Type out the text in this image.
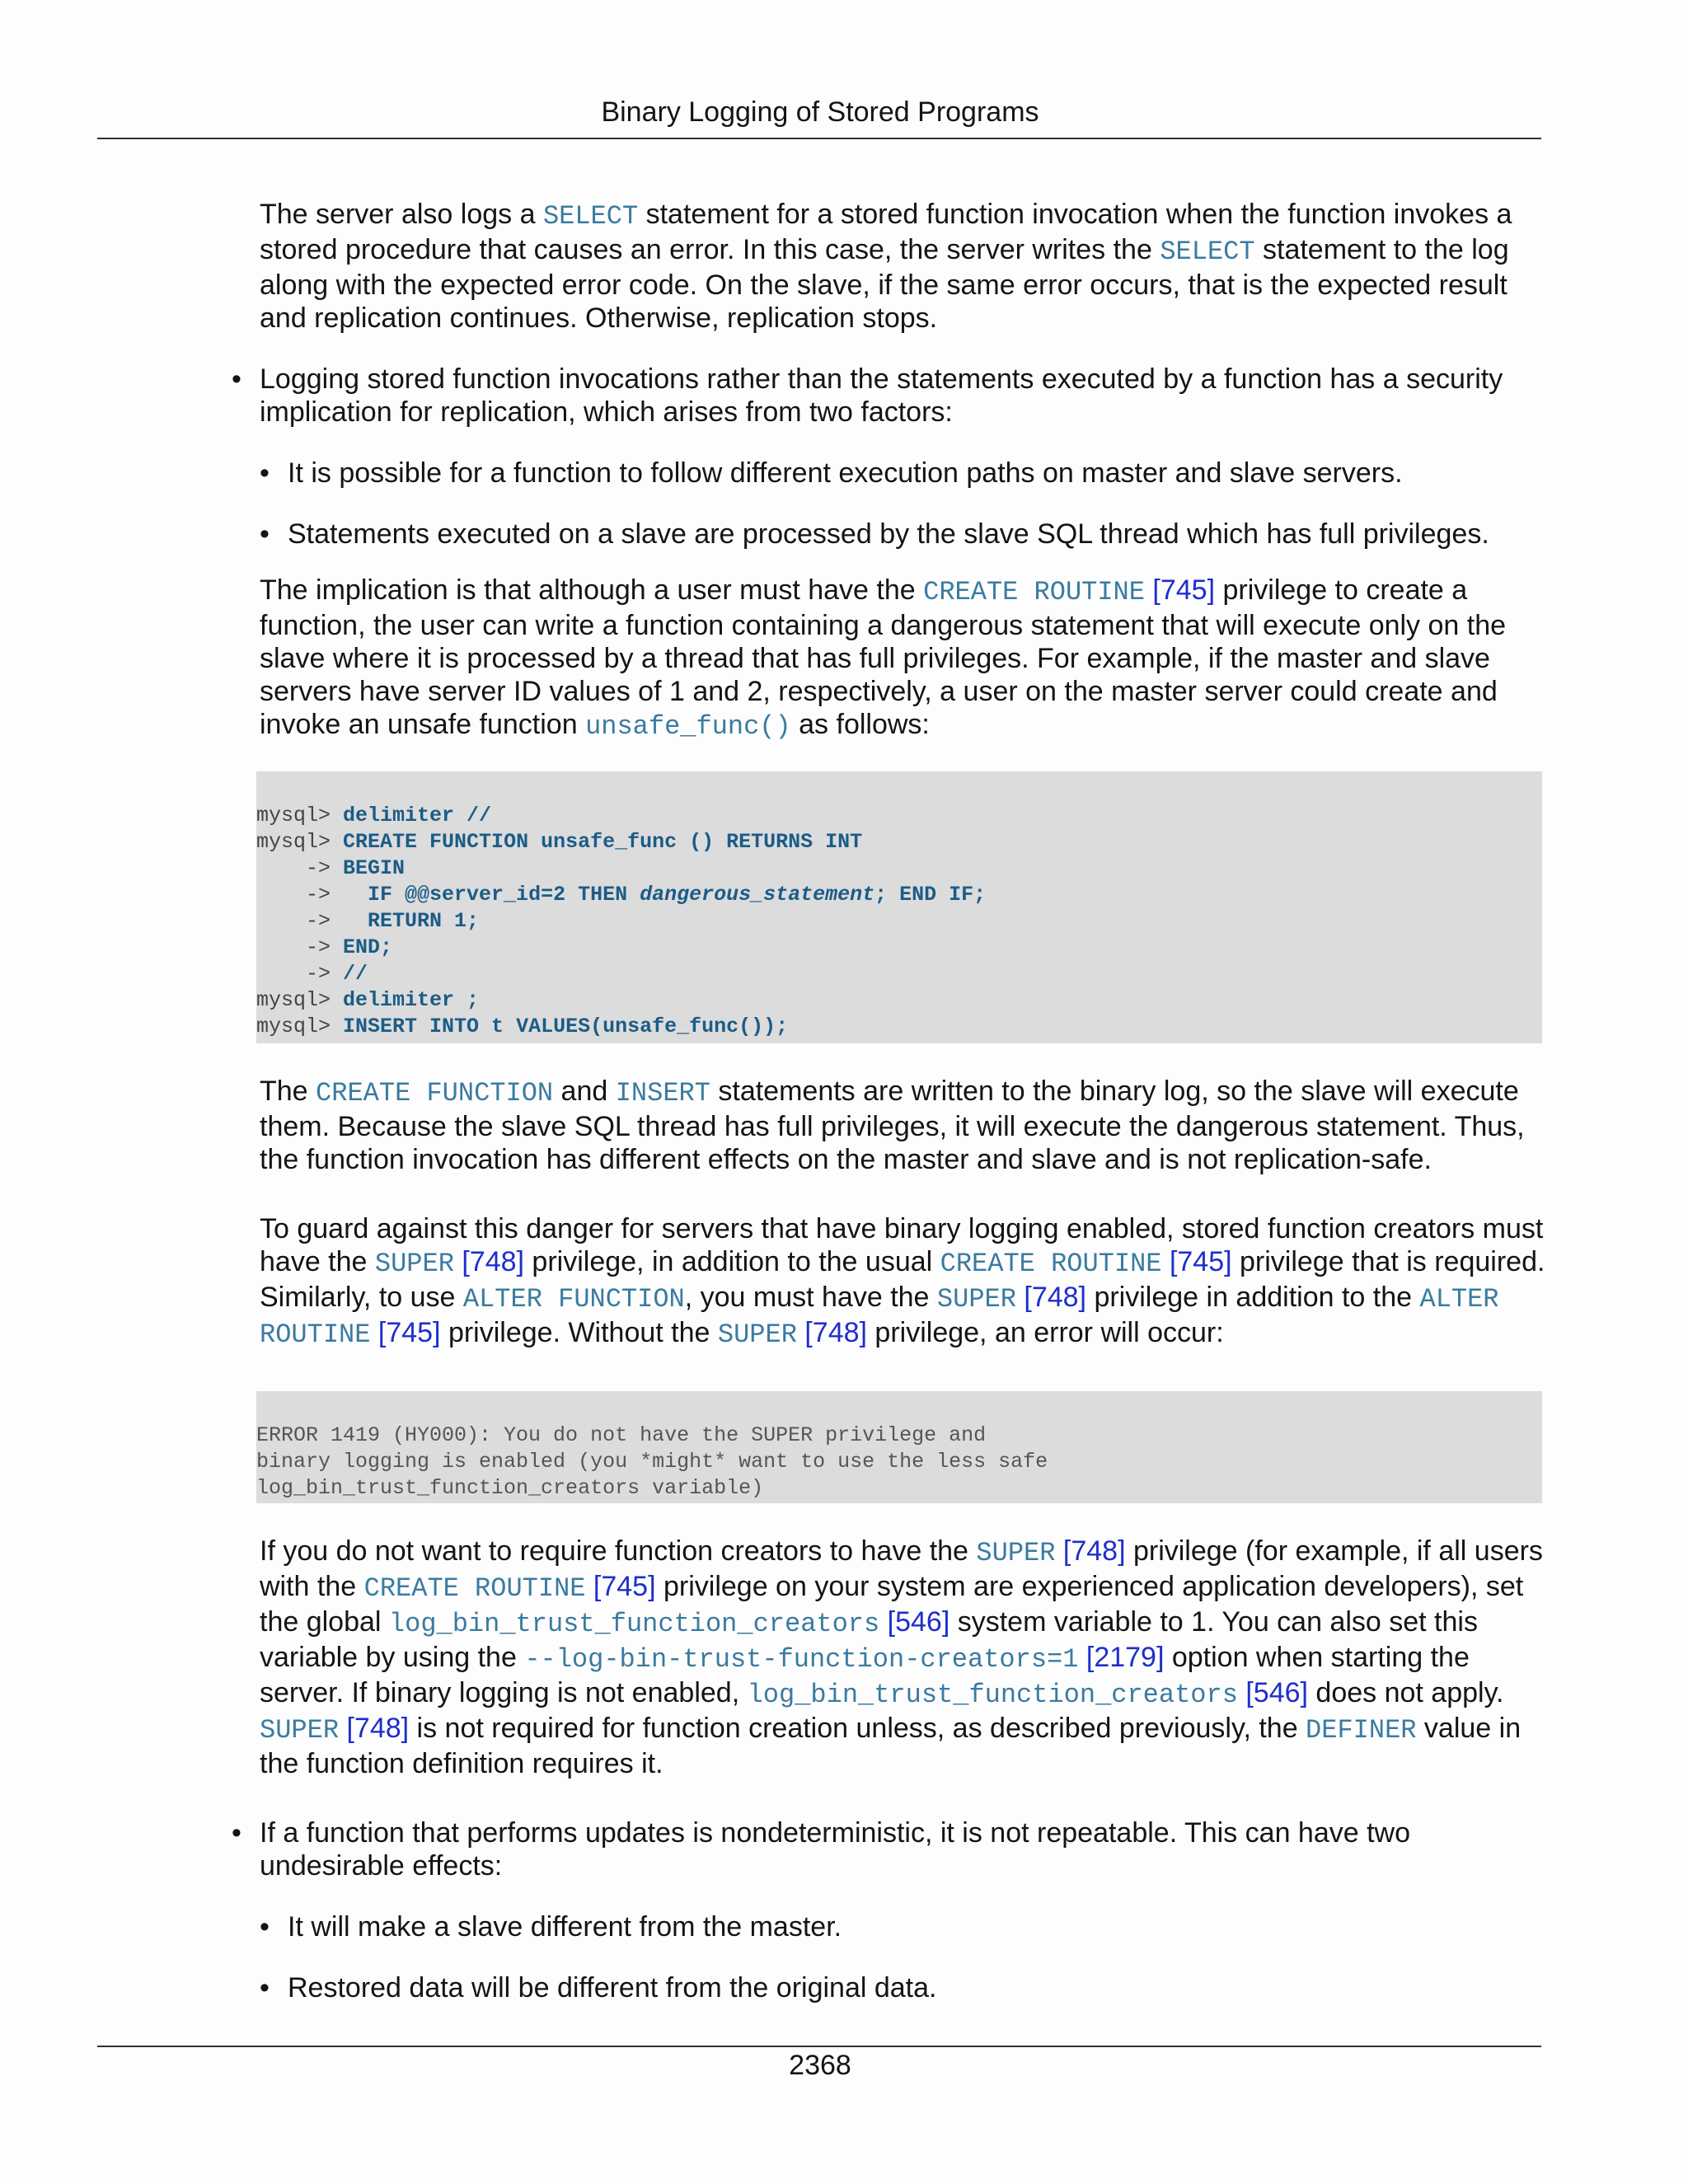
Binary Logging of Stored Programs

The server also logs a SELECT statement for a stored function invocation when the function invokes a stored procedure that causes an error. In this case, the server writes the SELECT statement to the log along with the expected error code. On the slave, if the same error occurs, that is the expected result and replication continues. Otherwise, replication stops.

• Logging stored function invocations rather than the statements executed by a function has a security implication for replication, which arises from two factors:

• It is possible for a function to follow different execution paths on master and slave servers.

• Statements executed on a slave are processed by the slave SQL thread which has full privileges.

The implication is that although a user must have the CREATE ROUTINE [745] privilege to create a function, the user can write a function containing a dangerous statement that will execute only on the slave where it is processed by a thread that has full privileges. For example, if the master and slave servers have server ID values of 1 and 2, respectively, a user on the master server could create and invoke an unsafe function unsafe_func() as follows:

mysql> delimiter //
mysql> CREATE FUNCTION unsafe_func () RETURNS INT
-> BEGIN
->   IF @@server_id=2 THEN dangerous_statement; END IF;
->   RETURN 1;
-> END;
-> //
mysql> delimiter ;
mysql> INSERT INTO t VALUES(unsafe_func());

The CREATE FUNCTION and INSERT statements are written to the binary log, so the slave will execute them. Because the slave SQL thread has full privileges, it will execute the dangerous statement. Thus, the function invocation has different effects on the master and slave and is not replication-safe.

To guard against this danger for servers that have binary logging enabled, stored function creators must have the SUPER [748] privilege, in addition to the usual CREATE ROUTINE [745] privilege that is required. Similarly, to use ALTER FUNCTION, you must have the SUPER [748] privilege in addition to the ALTER ROUTINE [745] privilege. Without the SUPER [748] privilege, an error will occur:

ERROR 1419 (HY000): You do not have the SUPER privilege and
binary logging is enabled (you *might* want to use the less safe
log_bin_trust_function_creators variable)

If you do not want to require function creators to have the SUPER [748] privilege (for example, if all users with the CREATE ROUTINE [745] privilege on your system are experienced application developers), set the global log_bin_trust_function_creators [546] system variable to 1. You can also set this variable by using the --log-bin-trust-function-creators=1 [2179] option when starting the server. If binary logging is not enabled, log_bin_trust_function_creators [546] does not apply. SUPER [748] is not required for function creation unless, as described previously, the DEFINER value in the function definition requires it.

• If a function that performs updates is nondeterministic, it is not repeatable. This can have two undesirable effects:

• It will make a slave different from the master.

• Restored data will be different from the original data.

2368
